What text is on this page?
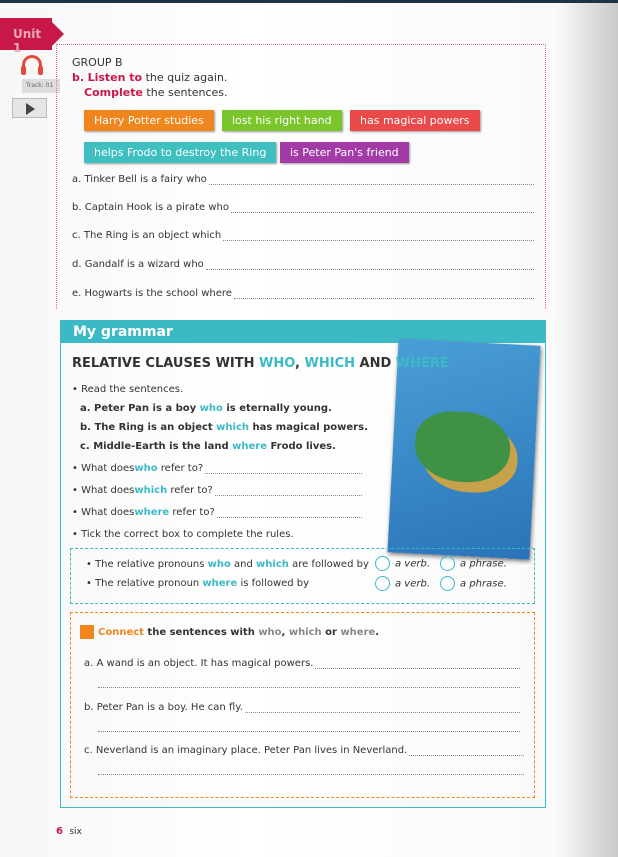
Unit 1
Track: 01
GROUP B
b. Listen to the quiz again.
Complete the sentences.
Harry Potter studies	lost his right hand	has magical powers
helps Frodo to destroy the Ring	is Peter Pan's friend
a.
Tinker Bell is a fairy who
b.
Captain Hook is a pirate who
c.
The Ring is an object which
d.
Gandalf is a wizard who
e.
Hogwarts is the school where
My grammar
RELATIVE CLAUSES WITH WHO, WHICH AND WHERE
• Read the sentences.
a. Peter Pan is a boy who is eternally young.
b. The Ring is an object which has magical powers.
c. Middle-Earth is the land where Frodo lives.
• What does who
refer to?
• What does which
refer to?
• What does where
refer to?
• Tick the correct box to complete the rules.
• The relative pronouns who and which are followed by
• The relative pronoun where is followed by
a verb.	a phrase.
a verb.	a phrase.
Connect the sentences with who, which or where.
a.
A wand is an object. It has magical powers.
b.
Peter Pan is a boy. He can fly.
c.
Neverland is an imaginary place. Peter Pan lives in Neverland.
6 six
